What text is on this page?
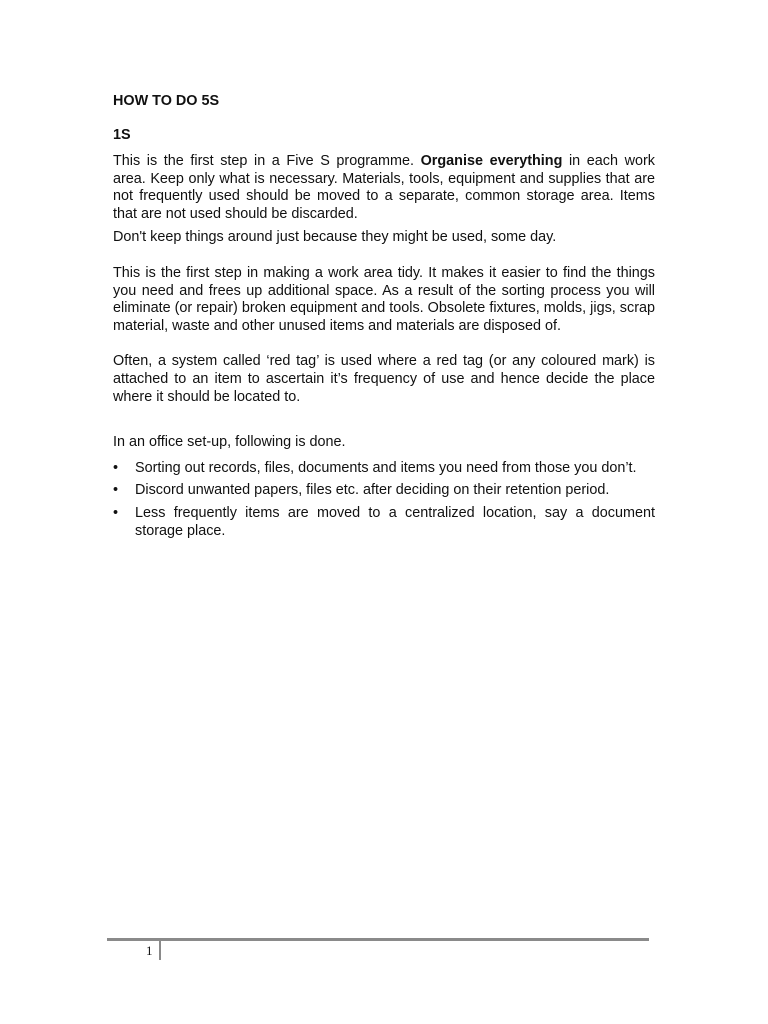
HOW TO DO 5S
1S

This is the first step in a Five S programme. Organise everything in each work area. Keep only what is necessary. Materials, tools, equipment and supplies that are not frequently used should be moved to a separate, common storage area. Items that are not used should be discarded.

Don't keep things around just because they might be used, some day.

This is the first step in making a work area tidy. It makes it easier to find the things you need and frees up additional space. As a result of the sorting process you will eliminate (or repair) broken equipment and tools. Obsolete fixtures, molds, jigs, scrap material, waste and other unused items and materials are disposed of.

Often, a system called ‘red tag’ is used where a red tag (or any coloured mark) is attached to an item to ascertain it’s frequency of use and hence decide the place where it should be located to.

In an office set-up, following is done.

•	Sorting out records, files, documents and items you need from those you don’t.
•	Discord unwanted papers, files etc. after deciding on their retention period.
•	Less frequently items are moved to a centralized location, say a document storage place.
1
